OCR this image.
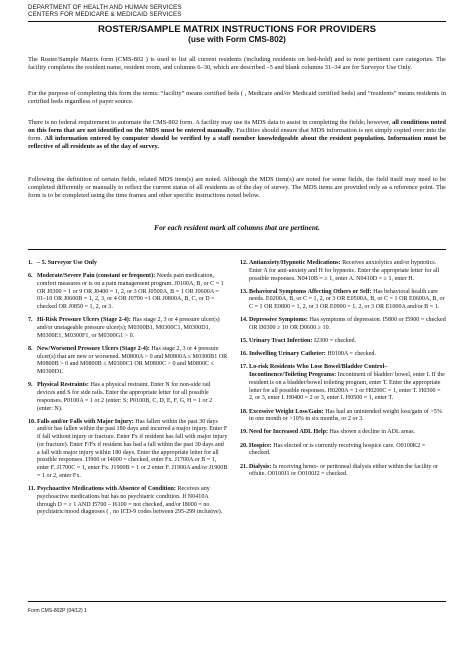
DEPARTMENT OF HEALTH AND HUMAN SERVICES
CENTERS FOR MEDICARE & MEDICAID SERVICES
ROSTER/SAMPLE MATRIX INSTRUCTIONS FOR PROVIDERS
(use with Form CMS-802)

The Roster/Sample Matrix form (CMS-802 ) is used to list all current residents (including residents on bed-hold) and to note pertinent care categories. The facility completes the resident name, resident room, and columns 6–30, which are described –5 and blank columns 31–34 are for Surveyor Use Only.

For the purpose of completing this form the terms: “facility” means certified beds ( , Medicare and/or Medicaid certified beds) and “residents” means residents in certified beds regardless of payer source.

There is no federal requirement to automate the CMS-802 form. A facility may use its MDS data to assist in completing the fields; however, all conditions noted on this form that are not identified on the MDS must be entered manually. Facilities should ensure that MDS information is not simply copied over into the form. All information entered by computer should be verified by a staff member knowledgeable about the resident population. Information must be reflective of all residents as of the day of survey.

Following the definition of certain fields, related MDS item(s) are noted. Although the MDS item(s) are noted for some fields, the field itself may need to be completed differently or manually to reflect the current status of all residents as of the day of survey. The MDS items are provided only as a reference point. The form is to be completed using the time frames and other specific instructions noted below.

For each resident mark all columns that are pertinent.
1. – 5. Surveyor Use Only
6. Moderate/Severe Pain (constant or frequent): Needs pain medication, comfort measures or is on a pain management program. J0100A, B, or C = 1 OR J0300 = 1 or 9 OR J0400 = 1, 2, or 3 OR J0500A, B = 1 OR J0600A = 01–10 OR J0600B = 1, 2, 3, or 4 OR J0700 =1 OR J0800A, B, C, or D = checked OR J0850 = 1, 2, or 3.
7. Hi-Risk Pressure Ulcers (Stage 2-4): Has stage 2, 3 or 4 pressure ulcer(s) and/or unstageable pressure ulcer(s); M0300B1, M0300C1, M0300D1, M0300E1, M0300F1, or M0300G1 > 0.
8. New/Worsened Pressure Ulcers (Stage 2-4): Has stage 2, 3 or 4 pressure ulcer(s) that are new or worsened. M0800A > 0 and M0800A ≤ M0300B1 OR M0800B > 0 and M0800B ≤ M0300C1 OR M0800C > 0 and M0800C ≤ M0300D1.
9. Physical Restraints: Has a physical restraint. Enter N for non-side rail devices and S for side rails. Enter the appropriate letter for all possible responses. P0100A = 1 or 2 (enter: S; P0100B, C, D, E, F, G, H = 1 or 2 (enter: N).
10. Falls and/or Falls with Major Injury: Has fallen within the past 30 days and/or has fallen within the past 180 days and incurred a major injury. Enter F if fall without injury or fracture. Enter Fx if resident has fall with major injury (or fracture). Enter F/Fx if resident has had a fall within the past 30 days and a fall with major injury within 180 days. Enter the appropriate letter for all possible responses. I3900 or I4000 = checked, enter Fx. J1700A or B = 1, enter F. J1700C = 1, enter Fx. J1900B = 1 or 2 enter F. J1900A and/or J1900B = 1 or 2, enter Fx.
11. Psychoactive Medications with Absence of Condition: Receives any psychoactive medications but has no psychiatric condition. If N0410A through D = ≥ 1 AND I5700 – I6100 = not checked, and/or I8000 = no psychiatric/mood diagnoses ( , no ICD-9 codes between 295-299 inclusive).
12. Antianxiety/Hypnotic Medications: Receives anxiolytics and/or hypnotics. Enter A for anti-anxiety and H for hypnotic. Enter the appropriate letter for all possible responses. N0410B = ≥ 1, enter A. N0410D = ≥ 1, enter H.
13. Behavioral Symptoms Affecting Others or Self: Has behavioral health care needs. E0200A, B, or C = 1, 2, or 3 OR E0500A, B, or C = 1 OR E0600A, B, or C = 1 OR E0800 = 1, 2, or 3 OR E0900 = 1, 2, or 3 OR E1000A and/or B = 1.
14. Depressive Symptoms: Has symptoms of depression. I5800 or I5900 = checked OR D0300 ≥ 10 OR D0600 ≥ 10.
15. Urinary Tract Infection: I2300 = checked.
16. Indwelling Urinary Catheter: H0100A = checked.
17. Lo-risk Residents Who Lose Bowel/Bladder Control– Incontinence/Toileting Programs: Incontinent of bladder/ bowel, enter I. If the resident is on a bladder/bowel toileting program, enter T. Enter the appropriate letter for all possible responses. H0200A = 1 or H0200C = 1, enter T. H0300 = 2, or 3, enter I. H0400 = 2 or 3, enter I. H0500 = 1, enter T.
18. Excessive Weight Loss/Gain: Has had an unintended weight loss/gain of >5% in one month or >10% in six months, or 2 or 3.
19. Need for Increased ADL Help: Has shown a decline in ADL areas.
20. Hospice: Has elected or is currently receiving hospice care. O0100K2 = checked.
21. Dialysis: Is receiving hemo- or peritoneal dialysis either within the facility or offsite. O0100J1 or O0100J2 = checked.
Form CMS-802P (04/12) 1
